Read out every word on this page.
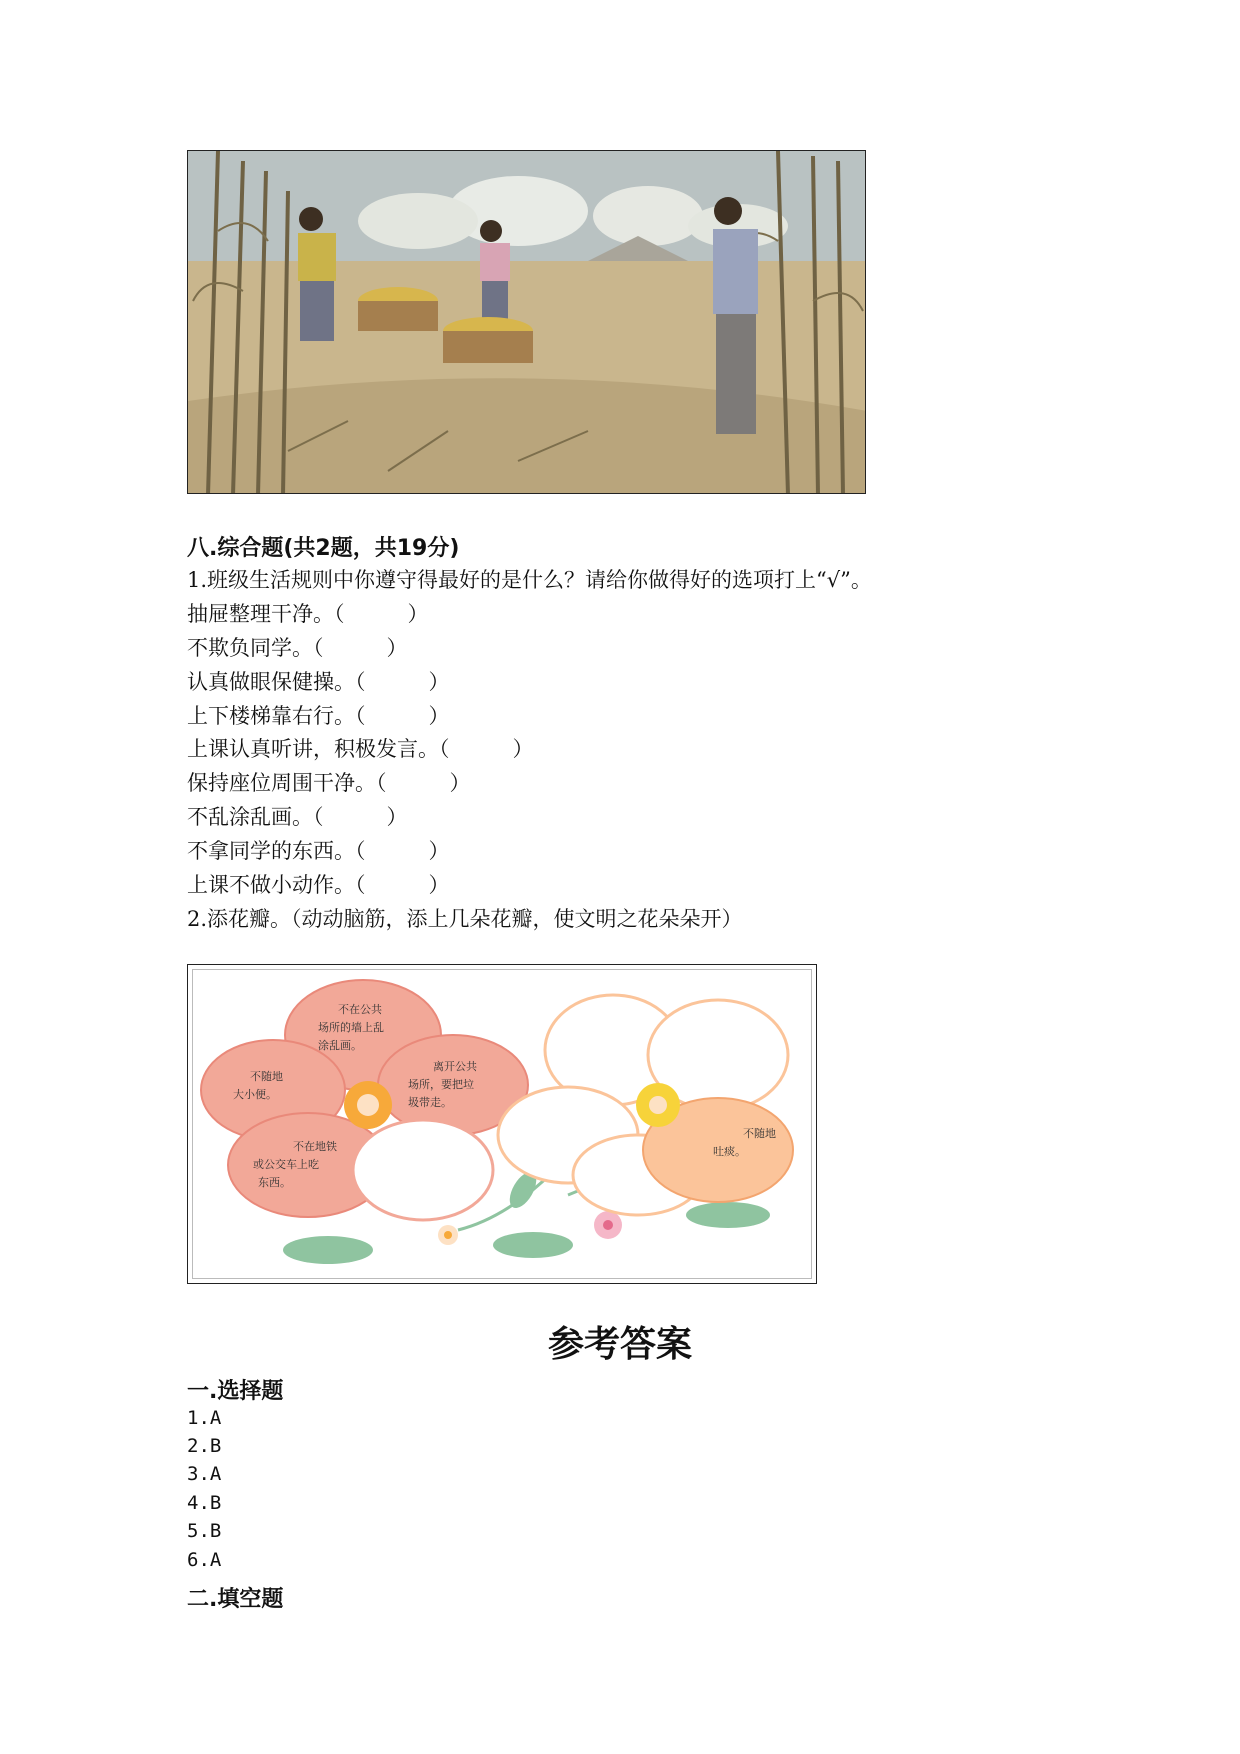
八.综合题(共2题，共19分)
1.班级生活规则中你遵守得最好的是什么？请给你做得好的选项打上“√”。
抽屉整理干净。（　　　）
不欺负同学。（　　　）
认真做眼保健操。（　　　）
上下楼梯靠右行。（　　　）
上课认真听讲，积极发言。（　　　）
保持座位周围干净。（　　　）
不乱涂乱画。（　　　）
不拿同学的东西。（　　　）
上课不做小动作。（　　　）
2.添花瓣。（动动脑筋，添上几朵花瓣，使文明之花朵朵开）
不在公共
场所的墙上乱
涂乱画。
离开公共
场所，要把垃
圾带走。
不随地
大小便。
不在地铁
或公交车上吃
东西。
不随地
吐痰。
参考答案
一.选择题
1.A
2.B
3.A
4.B
5.B
6.A
二.填空题
